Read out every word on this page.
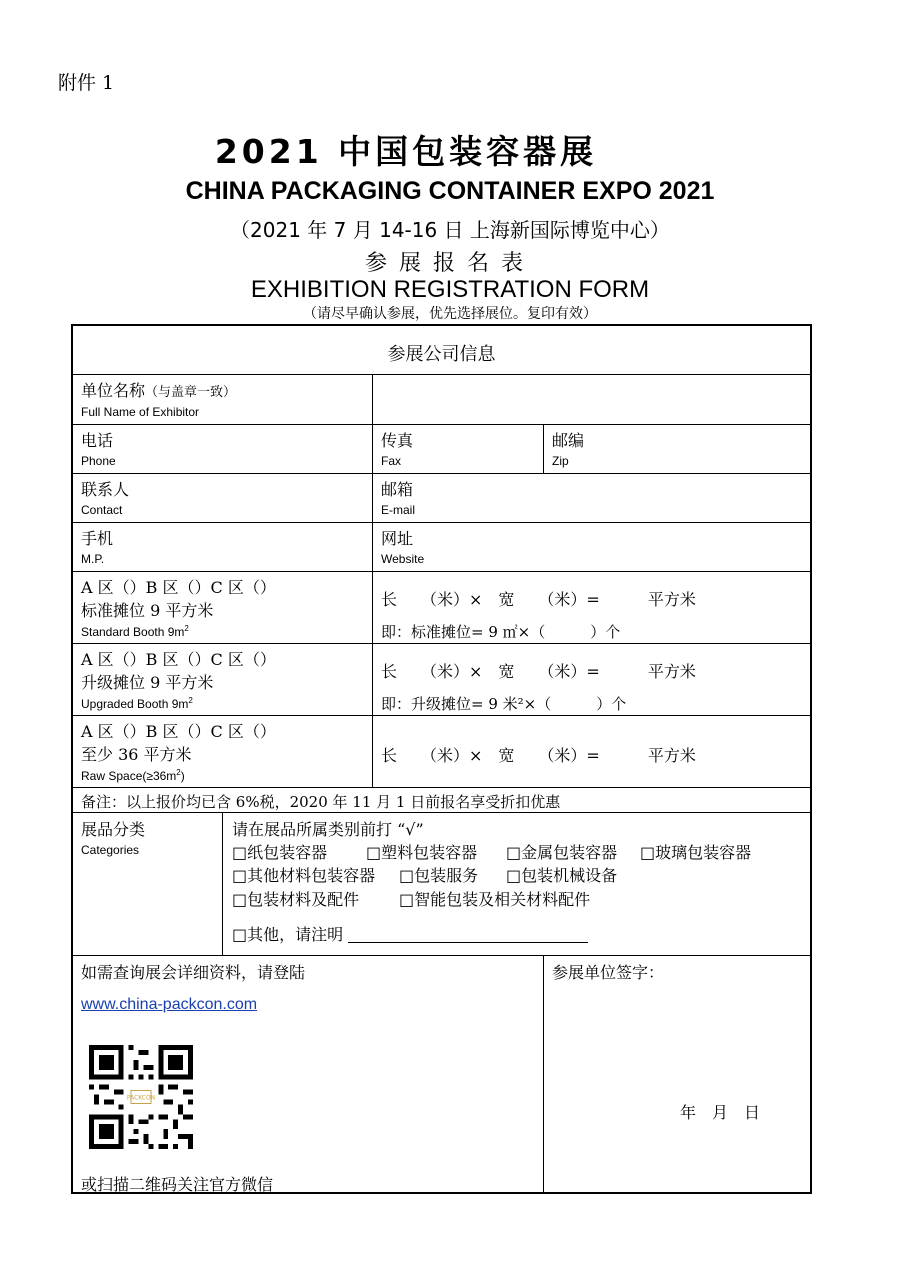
附件 1
2021 中国包装容器展
CHINA PACKAGING CONTAINER EXPO 2021
（2021 年 7 月 14-16 日 上海新国际博览中心）
参展报名表
EXHIBITION REGISTRATION FORM
（请尽早确认参展，优先选择展位。复印有效）
参展公司信息
单位名称（与盖章一致）
Full Name of Exhibitor
电话
Phone
传真
Fax
邮编
Zip
联系人
Contact
邮箱
E-mail
手机
M.P.
网址
Website
A 区（）B 区（）C 区（）
标准摊位 9 平方米
Standard Booth $9m^2$
长　　（米）×　宽　　（米）=　　　平方米
即：标准摊位= 9 ㎡×（　　　）个
A 区（）B 区（）C 区（）
升级摊位 9 平方米
Upgraded Booth $9m^2$
长　　（米）×　宽　　（米）=　　　平方米
即：升级摊位= 9 米²×（　　　）个
A 区（）B 区（）C 区（）
至少 36 平方米
Raw $Space(\ge 36m^2)$
长　　（米）×　宽　　（米）=　　　平方米
备注：以上报价均已含 6%税，2020 年 11 月 1 日前报名享受折扣优惠
展品分类
Categories
请在展品所属类别前打 “√”
□纸包装容器 □塑料包装容器 □金属包装容器 □玻璃包装容器
□其他材料包装容器 □包装服务 □包装机械设备
□包装材料及配件 □智能包装及相关材料配件
□其他，请注明
如需查询展会详细资料，请登陆
www.china-packcon.com
PACKCON
或扫描二维码关注官方微信
参展单位签字：
年　月　日
